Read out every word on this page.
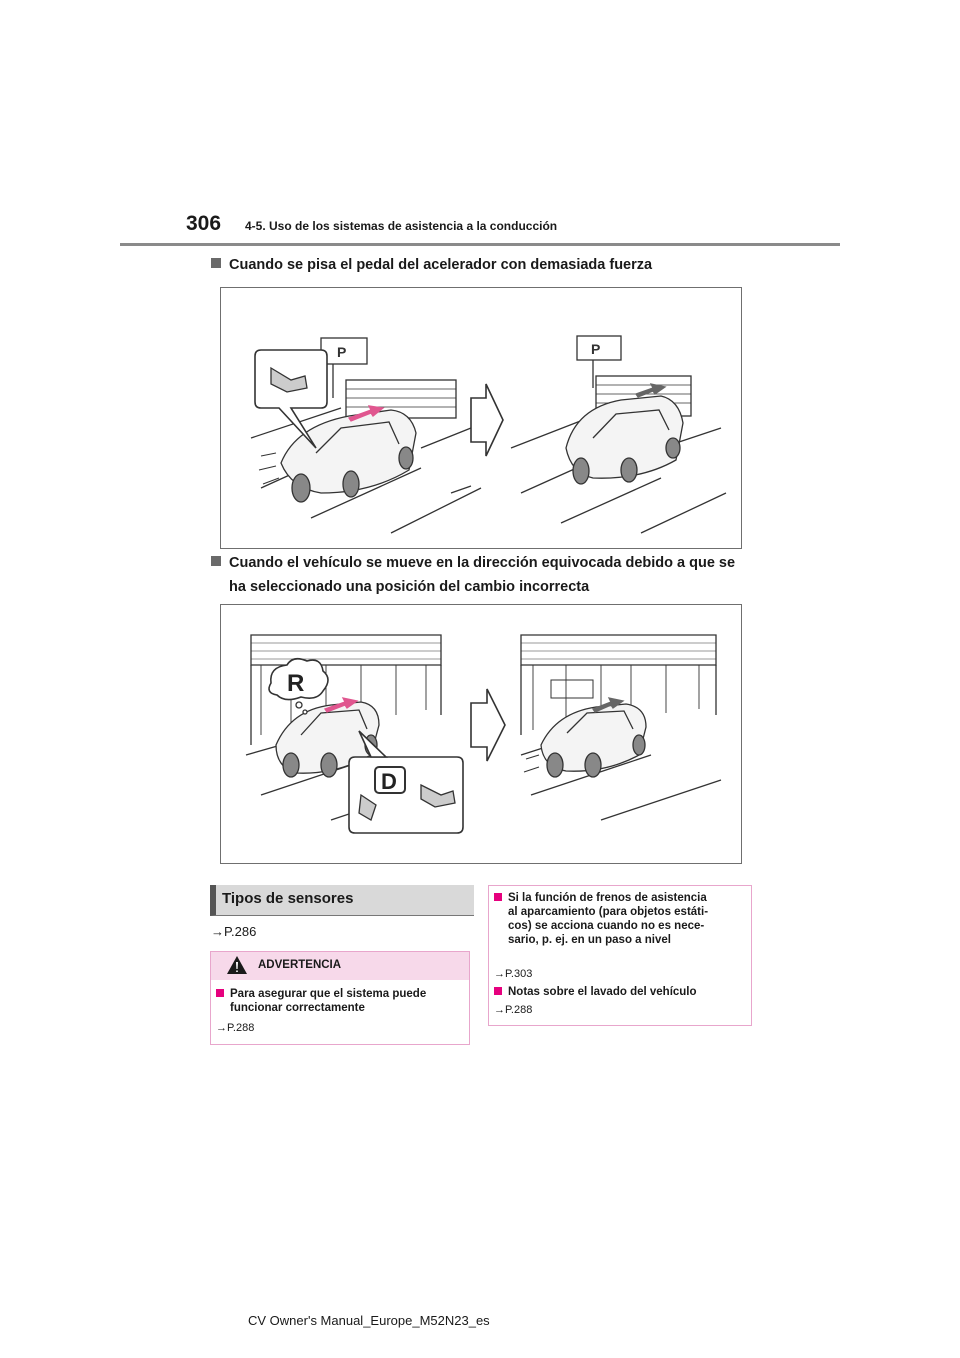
306 4-5. Uso de los sistemas de asistencia a la conducción
Cuando se pisa el pedal del acelerador con demasiada fuerza
P	P
Cuando el vehículo se mueve en la dirección equivocada debido a que se
ha seleccionado una posición del cambio incorrecta
R
D
Tipos de sensores
→P.286
ADVERTENCIA
Para asegurar que el sistema puede
funcionar correctamente
→P.288
Si la función de frenos de asistencia
al aparcamiento (para objetos estáti-
cos) se acciona cuando no es nece-
sario, p. ej. en un paso a nivel
→P.303
Notas sobre el lavado del vehículo
→P.288
CV Owner's Manual_Europe_M52N23_es
